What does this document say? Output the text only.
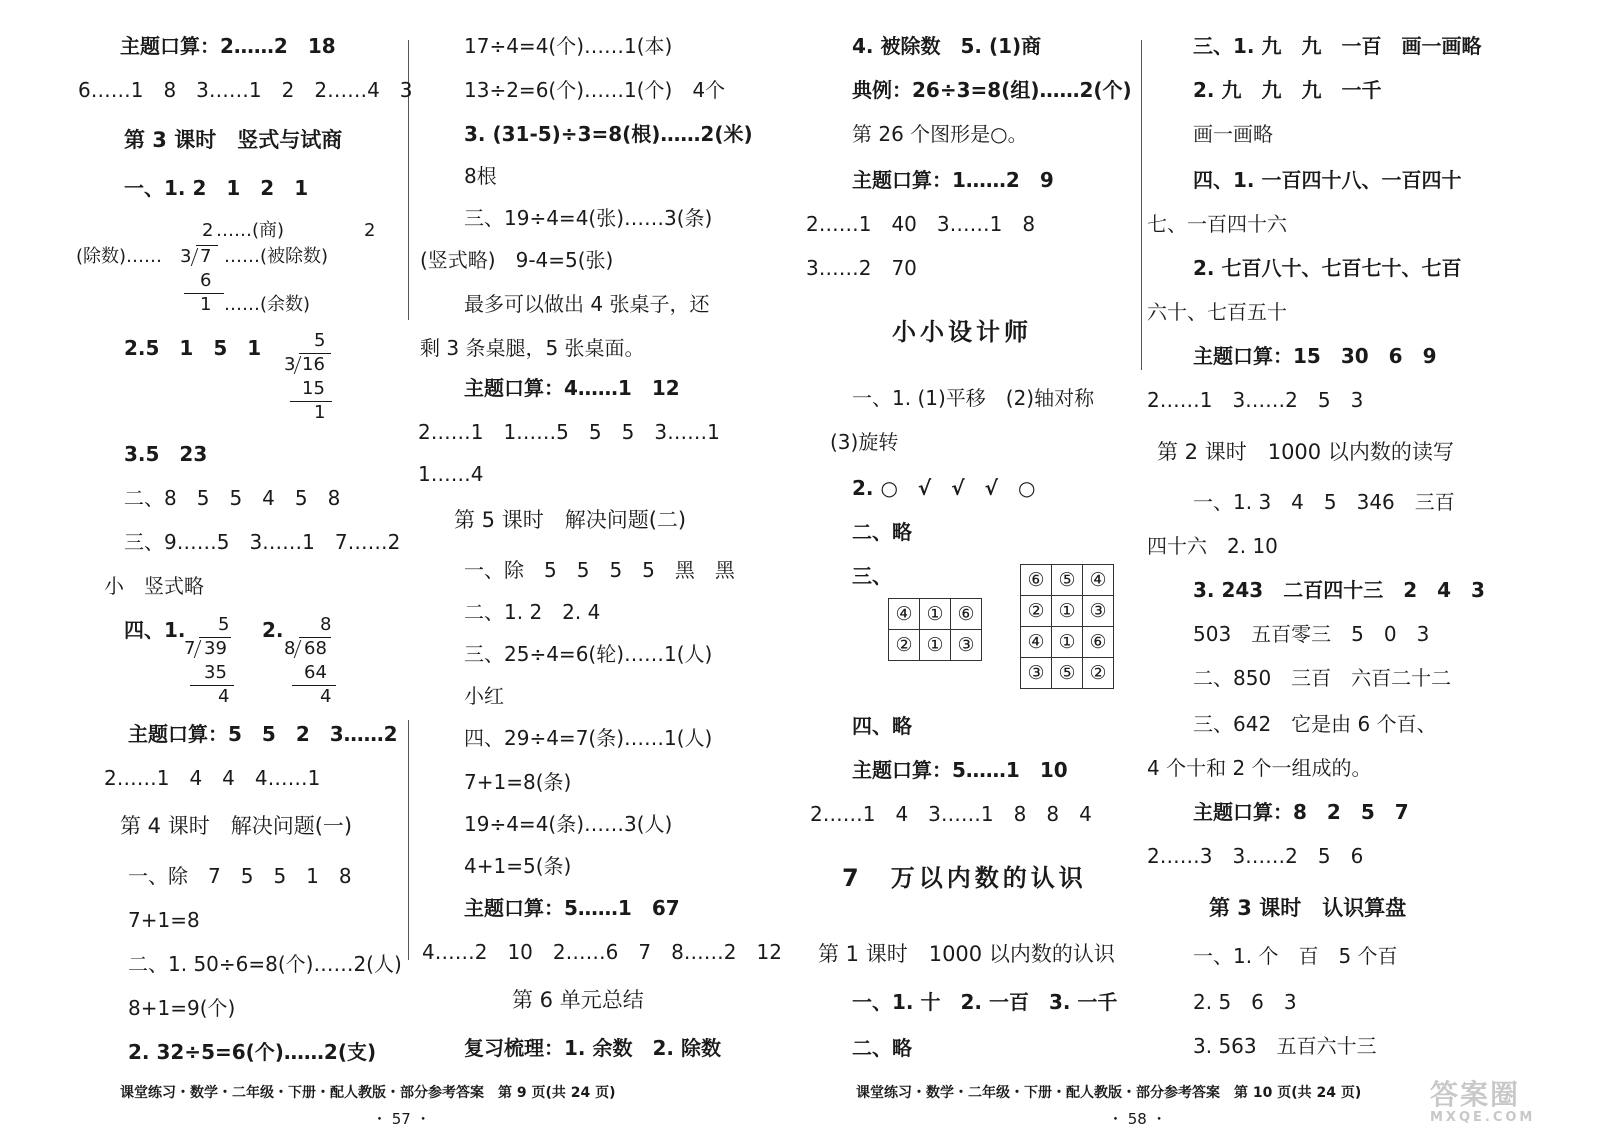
主题口算：2……2　18
6……1　8　3……1　2　2……4　3
第 3 课时　竖式与试商
一、1. 2　1　2　1
2 ……(商)	2
(除数)…… 3 7 ……(被除数)
6
1 ……(余数)
2.5　1　5　1	5
3 16
15
1
3.5　23
二、8　5　5　4　5　8
三、9……5　3……1　7……2
小　竖式略
四、1. 5
7 39
35
4
2. 8
8 68
64
4
主题口算：5　5　2　3……2
2……1　4　4　4……1
第 4 课时　解决问题(一)
一、除　7　5　5　1　8
7+1=8
二、1. 50÷6=8(个)……2(人)
8+1=9(个)
2. 32÷5=6(个)……2(支)
17÷4=4(个)……1(本)
13÷2=6(个)……1(个)　4个
3. (31-5)÷3=8(根)……2(米)
8根
三、19÷4=4(张)……3(条)
(竖式略)　9-4=5(张)
最多可以做出 4 张桌子，还
剩 3 条桌腿，5 张桌面。
主题口算：4……1　12
2……1　1……5　5　5　3……1
1……4
第 5 课时　解决问题(二)
一、除　5　5　5　5　黑　黑
二、1. 2　2. 4
三、25÷4=6(轮)……1(人)
小红
四、29÷4=7(条)……1(人)
7+1=8(条)
19÷4=4(条)……3(人)
4+1=5(条)
主题口算：5……1　67
4……2　10　2……6　7　8……2　12
第 6 单元总结
复习梳理：1. 余数　2. 除数
4. 被除数　5. (1)商
典例：26÷3=8(组)……2(个)
第 26 个图形是○。
主题口算：1……2　9
2……1　40　3……1　8
3……2　70
小小设计师
一、1. (1)平移　(2)轴对称
(3)旋转
2. ○　√　√　√　○
二、略
三、
④	①	⑥
②	①	③
⑥	⑤	④
②	①	③
④	①	⑥
③	⑤	②
四、略
主题口算：5……1　10
2……1　4　3……1　8　8　4
7　万以内数的认识
第 1 课时　1000 以内数的认识
一、1. 十　2. 一百　3. 一千
二、略
三、1. 九　九　一百　画一画略
2. 九　九　九　一千
画一画略
四、1. 一百四十八、一百四十
七、一百四十六
2. 七百八十、七百七十、七百
六十、七百五十
主题口算：15　30　6　9
2……1　3……2　5　3
第 2 课时　1000 以内数的读写
一、1. 3　4　5　346　三百
四十六　2. 10
3. 243　二百四十三　2　4　3
503　五百零三　5　0　3
二、850　三百　六百二十二
三、642　它是由 6 个百、
4 个十和 2 个一组成的。
主题口算：8　2　5　7
2……3　3……2　5　6
第 3 课时　认识算盘
一、1. 个　百　5 个百
2. 5　6　3
3. 563　五百六十三
课堂练习・数学・二年级・下册・配人教版・部分参考答案　第 9 页(共 24 页)	课堂练习・数学・二年级・下册・配人教版・部分参考答案　第 10 页(共 24 页)
・ 57 ・	・ 58 ・
答案圈
MXQE.COM
